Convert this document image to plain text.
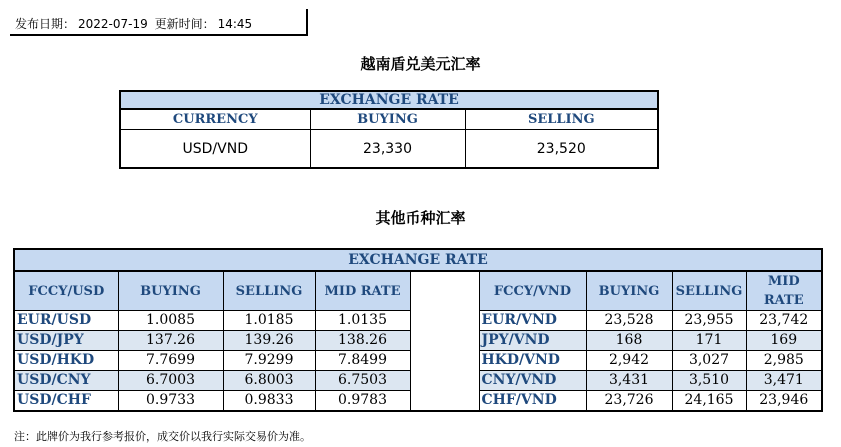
发布日期： 2022-07-19 更新时间： 14:45
越南盾兑美元汇率
EXCHANGE RATE		
CURRENCY	BUYING	SELLING
USD/VND	23,330	23,520
其他币种汇率
EXCHANGE RATE								
FCCY/USD	BUYING	SELLING	MID RATE		FCCY/VND	BUYING	SELLING	MID RATE
EUR/USD	1.0085	1.0185	1.0135		EUR/VND	23,528	23,955	23,742
USD/JPY	137.26	139.26	138.26		JPY/VND	168	171	169
USD/HKD	7.7699	7.9299	7.8499		HKD/VND	2,942	3,027	2,985
USD/CNY	6.7003	6.8003	6.7503		CNY/VND	3,431	3,510	3,471
USD/CHF	0.9733	0.9833	0.9783		CHF/VND	23,726	24,165	23,946
注：此牌价为我行参考报价，成交价以我行实际交易价为准。
